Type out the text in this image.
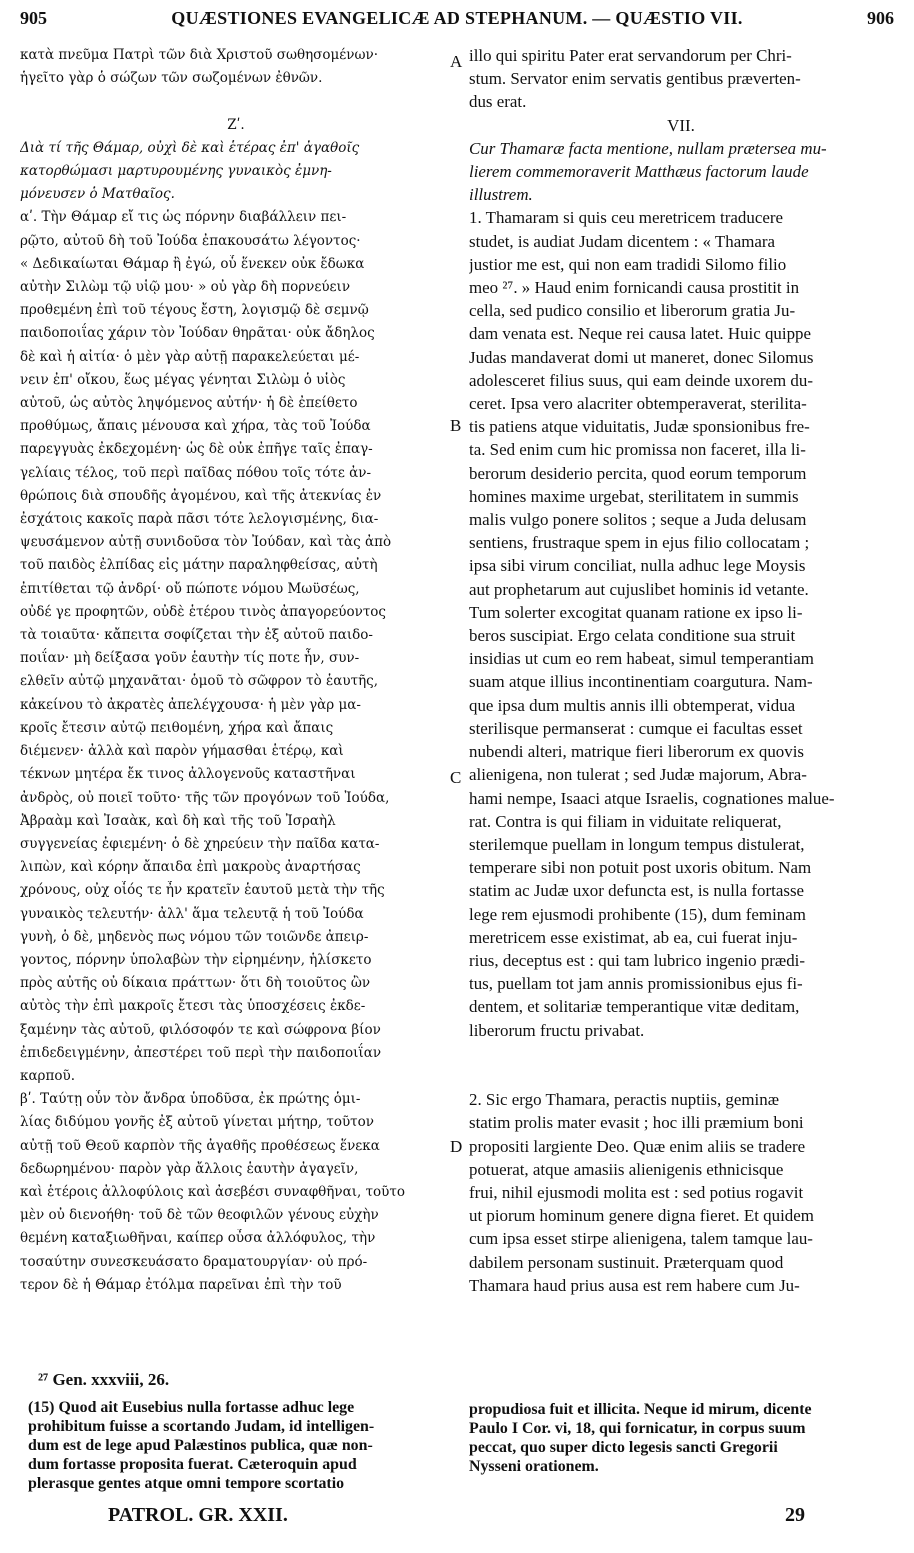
905	QUÆSTIONES EVANGELICÆ AD STEPHANUM. — QUÆSTIO VII.	906
κατὰ πνεῦμα Πατρὶ τῶν διὰ Χριστοῦ σωθησομένων·
ἡγεῖτο γὰρ ὁ σώζων τῶν σωζομένων ἐθνῶν.

Ζʹ.
Διὰ τί τῆς Θάμαρ, οὐχὶ δὲ καὶ ἑτέρας ἐπ' ἀγαθοῖς
κατορθώμασι μαρτυρουμένης γυναικὸς ἐμνη-
μόνευσεν ὁ Ματθαῖος.
αʹ. Τὴν Θάμαρ εἴ τις ὡς πόρνην διαβάλλειν πει-
ρῷτο, αὐτοῦ δὴ τοῦ Ἰούδα ἐπακουσάτω λέγοντος·
« Δεδικαίωται Θάμαρ ἢ ἐγώ, οὗ ἕνεκεν οὐκ ἔδωκα
αὐτὴν Σιλὼμ τῷ υἱῷ μου· » οὐ γὰρ δὴ πορνεύειν
προθεμένη ἐπὶ τοῦ τέγους ἔστη, λογισμῷ δὲ σεμνῷ
παιδοποιΐας χάριν τὸν Ἰούδαν θηρᾶται· οὐκ ἄδηλος
δὲ καὶ ἡ αἰτία· ὁ μὲν γὰρ αὐτῇ παρακελεύεται μέ-
νειν ἐπ' οἴκου, ἕως μέγας γένηται Σιλὼμ ὁ υἱὸς
αὐτοῦ, ὡς αὐτὸς ληψόμενος αὐτήν· ἡ δὲ ἐπείθετο
προθύμως, ἄπαις μένουσα καὶ χήρα, τὰς τοῦ Ἰούδα
παρεγγυὰς ἐκδεχομένη· ὡς δὲ οὐκ ἐπῆγε ταῖς ἐπαγ-
γελίαις τέλος, τοῦ περὶ παῖδας πόθου τοῖς τότε ἀν-
θρώποις διὰ σπουδῆς ἀγομένου, καὶ τῆς ἀτεκνίας ἐν
ἐσχάτοις κακοῖς παρὰ πᾶσι τότε λελογισμένης, δια-
ψευσάμενον αὐτῇ συνιδοῦσα τὸν Ἰούδαν, καὶ τὰς ἀπὸ
τοῦ παιδὸς ἐλπίδας εἰς μάτην παραληφθείσας, αὐτὴ
ἐπιτίθεται τῷ ἀνδρί· οὔ πώποτε νόμου Μωϋσέως,
οὐδέ γε προφητῶν, οὐδὲ ἑτέρου τινὸς ἀπαγορεύοντος
τὰ τοιαῦτα· κἄπειτα σοφίζεται τὴν ἐξ αὐτοῦ παιδο-
ποιΐαν· μὴ δείξασα γοῦν ἑαυτὴν τίς ποτε ἦν, συν-
ελθεῖν αὐτῷ μηχανᾶται· ὁμοῦ τὸ σῶφρον τὸ ἑαυτῆς,
κἀκείνου τὸ ἀκρατὲς ἀπελέγχουσα· ἡ μὲν γὰρ μα-
κροῖς ἔτεσιν αὐτῷ πειθομένη, χήρα καὶ ἄπαις
διέμενεν· ἀλλὰ καὶ παρὸν γήμασθαι ἑτέρῳ, καὶ
τέκνων μητέρα ἔκ τινος ἀλλογενοῦς καταστῆναι
ἀνδρὸς, οὐ ποιεῖ τοῦτο· τῆς τῶν προγόνων τοῦ Ἰούδα,
Ἀβραὰμ καὶ Ἰσαὰκ, καὶ δὴ καὶ τῆς τοῦ Ἰσραὴλ
συγγενείας ἐφιεμένη· ὁ δὲ χηρεύειν τὴν παῖδα κατα-
λιπὼν, καὶ κόρην ἄπαιδα ἐπὶ μακροὺς ἀναρτήσας
χρόνους, οὐχ οἷός τε ἦν κρατεῖν ἑαυτοῦ μετὰ τὴν τῆς
γυναικὸς τελευτήν· ἀλλ' ἅμα τελευτᾷ ἡ τοῦ Ἰούδα
γυνὴ, ὁ δὲ, μηδενὸς πως νόμου τῶν τοιῶνδε ἀπειρ-
γοντος, πόρνην ὑπολαβὼν τὴν εἰρημένην, ἡλίσκετο
πρὸς αὐτῆς οὐ δίκαια πράττων· ὅτι δὴ τοιοῦτος ὢν
αὐτὸς τὴν ἐπὶ μακροῖς ἔτεσι τὰς ὑποσχέσεις ἐκδε-
ξαμένην τὰς αὐτοῦ, φιλόσοφόν τε καὶ σώφρονα βίον
ἐπιδεδειγμένην, ἀπεστέρει τοῦ περὶ τὴν παιδοποιΐαν
καρποῦ.
βʹ. Ταύτῃ οὖν τὸν ἄνδρα ὑποδῦσα, ἐκ πρώτης ὁμι-
λίας διδύμου γονῆς ἐξ αὐτοῦ γίνεται μήτηρ, τοῦτον
αὐτῇ τοῦ Θεοῦ καρπὸν τῆς ἀγαθῆς προθέσεως ἕνεκα
δεδωρημένου· παρὸν γὰρ ἄλλοις ἑαυτὴν ἀγαγεῖν,
καὶ ἑτέροις ἀλλοφύλοις καὶ ἀσεβέσι συναφθῆναι, τοῦτο
μὲν οὐ διενοήθη· τοῦ δὲ τῶν θεοφιλῶν γένους εὐχὴν
θεμένη καταξιωθῆναι, καίπερ οὖσα ἀλλόφυλος, τὴν
τοσαύτην συνεσκευάσατο δραματουργίαν· οὐ πρό-
τερον δὲ ἡ Θάμαρ ἐτόλμα παρεῖναι ἐπὶ τὴν τοῦ
illo qui spiritu Pater erat servandorum per Chri-
stum. Servator enim servatis gentibus præverten-
dus erat.
VII.
Cur Thamaræ facta mentione, nullam prætersea mu-
lierem commemoraverit Matthæus factorum laude
illustrem.
1. Thamaram si quis ceu meretricem traducere
studet, is audiat Judam dicentem : « Thamara
justior me est, qui non eam tradidi Silomo filio
meo ²⁷. » Haud enim fornicandi causa prostitit in
cella, sed pudico consilio et liberorum gratia Ju-
dam venata est. Neque rei causa latet. Huic quippe
Judas mandaverat domi ut maneret, donec Silomus
adolesceret filius suus, qui eam deinde uxorem du-
ceret. Ipsa vero alacriter obtemperaverat, sterilita-
tis patiens atque viduitatis, Judæ sponsionibus fre-
ta. Sed enim cum hic promissa non faceret, illa li-
berorum desiderio percita, quod eorum temporum
homines maxime urgebat, sterilitatem in summis
malis vulgo ponere solitos ; seque a Juda delusam
sentiens, frustraque spem in ejus filio collocatam ;
ipsa sibi virum conciliat, nulla adhuc lege Moysis
aut prophetarum aut cujuslibet hominis id vetante.
Tum solerter excogitat quanam ratione ex ipso li-
beros suscipiat. Ergo celata conditione sua struit
insidias ut cum eo rem habeat, simul temperantiam
suam atque illius incontinentiam coargutura. Nam-
que ipsa dum multis annis illi obtemperat, vidua
sterilisque permanserat : cumque ei facultas esset
nubendi alteri, matrique fieri liberorum ex quovis
alienigena, non tulerat ; sed Judæ majorum, Abra-
hami nempe, Isaaci atque Israelis, cognationes maluе-
rat. Contra is qui filiam in viduitate reliquerat,
sterilemque puellam in longum tempus distulerat,
temperare sibi non potuit post uxoris obitum. Nam
statim ac Judæ uxor defuncta est, is nulla fortasse
lege rem ejusmodi prohibente (15), dum feminam
meretricem esse existimat, ab ea, cui fuerat inju-
rius, deceptus est : qui tam lubrico ingenio prædi-
tus, puellam tot jam annis promissionibus ejus fi-
dentem, et solitariæ temperantique vitæ deditam,
liberorum fructu privabat.

2. Sic ergo Thamara, peractis nuptiis, geminæ
statim prolis mater evasit ; hoc illi præmium boni
propositi largiente Deo. Quæ enim aliis se tradere
potuerat, atque amasiis alienigenis ethnicisque
frui, nihil ejusmodi molita est : sed potius rogavit
ut piorum hominum genere digna fieret. Et quidem
cum ipsa esset stirpe alienigena, talem tamque lau-
dabilem personam sustinuit. Præterquam quod
Thamara haud prius ausa est rem habere cum Ju-
A
B
C
D
²⁷ Gen. xxxviii, 26.
(15) Quod ait Eusebius nulla fortasse adhuc lege
prohibitum fuisse a scortando Judam, id intelligen-
dum est de lege apud Palæstinos publica, quæ non-
dum fortasse proposita fuerat. Cæteroquin apud
plerasque gentes atque omni tempore scortatio
propudiosa fuit et illicita. Neque id mirum, dicente
Paulo I Cor. vi, 18, qui fornicatur, in corpus suum
peccat, quo super dicto legesis sancti Gregorii
Nysseni orationem.
PATROL. GR. XXII.	29
